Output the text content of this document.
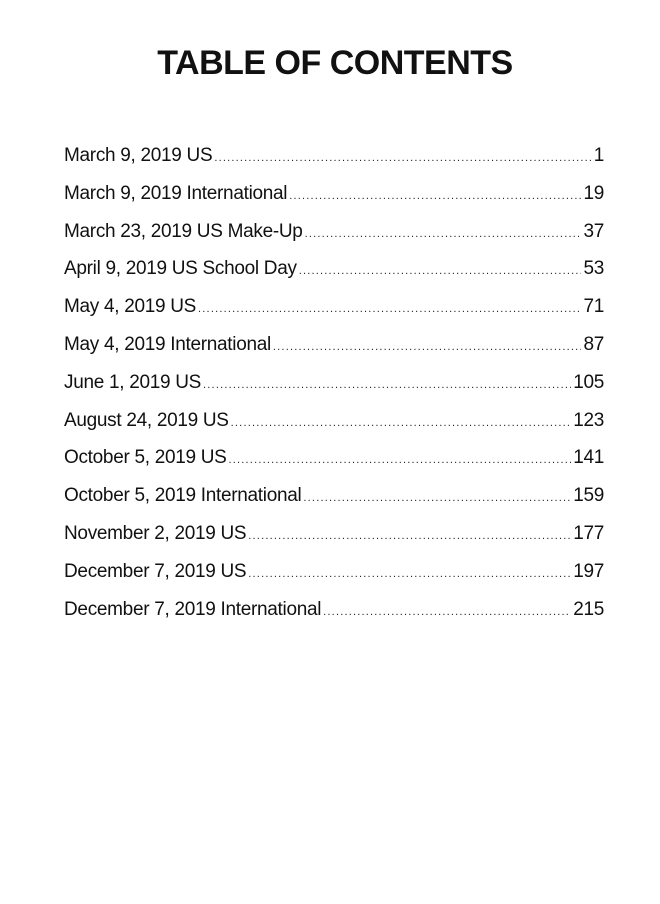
TABLE OF CONTENTS
March 9, 2019 US .....	1
March 9, 2019 International .....	19
March 23, 2019 US Make-Up .....	37
April 9, 2019 US School Day .....	53
May 4, 2019 US .....	71
May 4, 2019 International .....	87
June 1, 2019 US .....	105
August 24, 2019 US .....	123
October 5, 2019 US .....	141
October 5, 2019 International .....	159
November 2, 2019 US .....	177
December 7, 2019 US .....	197
December 7, 2019 International .....	215
